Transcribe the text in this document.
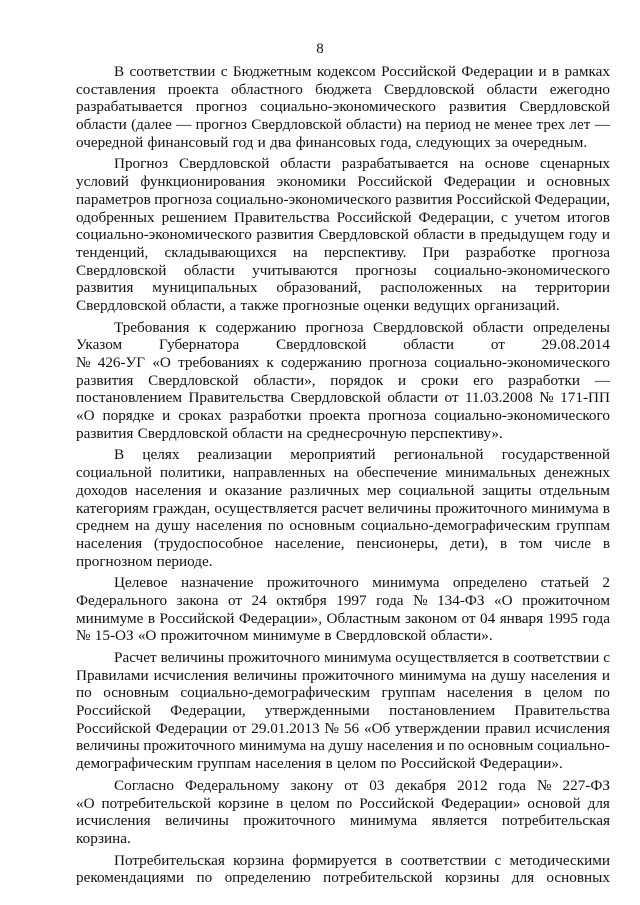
8
В соответствии с Бюджетным кодексом Российской Федерации и в рамках
составления проекта областного бюджета Свердловской области ежегодно
разрабатывается прогноз социально-экономического развития Свердловской
области (далее — прогноз Свердловской области) на период не менее трех лет —
очередной финансовый год и два финансовых года, следующих за очередным.
Прогноз Свердловской области разрабатывается на основе сценарных
условий функционирования экономики Российской Федерации и основных
параметров прогноза социально-экономического развития Российской Федерации,
одобренных решением Правительства Российской Федерации, с учетом итогов
социально-экономического развития Свердловской области в предыдущем году и
тенденций, складывающихся на перспективу. При разработке прогноза
Свердловской области учитываются прогнозы социально-экономического
развития муниципальных образований, расположенных на территории
Свердловской области, а также прогнозные оценки ведущих организаций.
Требования к содержанию прогноза Свердловской области определены
Указом Губернатора Свердловской области от 29.08.2014
№ 426-УГ «О требованиях к содержанию прогноза социально-экономического
развития Свердловской области», порядок и сроки его разработки —
постановлением Правительства Свердловской области от 11.03.2008 № 171-ПП
«О порядке и сроках разработки проекта прогноза социально-экономического
развития Свердловской области на среднесрочную перспективу».
В целях реализации мероприятий региональной государственной
социальной политики, направленных на обеспечение минимальных денежных
доходов населения и оказание различных мер социальной защиты отдельным
категориям граждан, осуществляется расчет величины прожиточного минимума в
среднем на душу населения по основным социально-демографическим группам
населения (трудоспособное население, пенсионеры, дети), в том числе в
прогнозном периоде.
Целевое назначение прожиточного минимума определено статьей 2
Федерального закона от 24 октября 1997 года № 134-ФЗ «О прожиточном
минимуме в Российской Федерации», Областным законом от 04 января 1995 года
№ 15-ОЗ «О прожиточном минимуме в Свердловской области».
Расчет величины прожиточного минимума осуществляется в соответствии с
Правилами исчисления величины прожиточного минимума на душу населения и
по основным социально-демографическим группам населения в целом по
Российской Федерации, утвержденными постановлением Правительства
Российской Федерации от 29.01.2013 № 56 «Об утверждении правил исчисления
величины прожиточного минимума на душу населения и по основным социально-
демографическим группам населения в целом по Российской Федерации».
Согласно Федеральному закону от 03 декабря 2012 года № 227-ФЗ
«О потребительской корзине в целом по Российской Федерации» основой для
исчисления величины прожиточного минимума является потребительская
корзина.
Потребительская корзина формируется в соответствии с методическими
рекомендациями по определению потребительской корзины для основных
